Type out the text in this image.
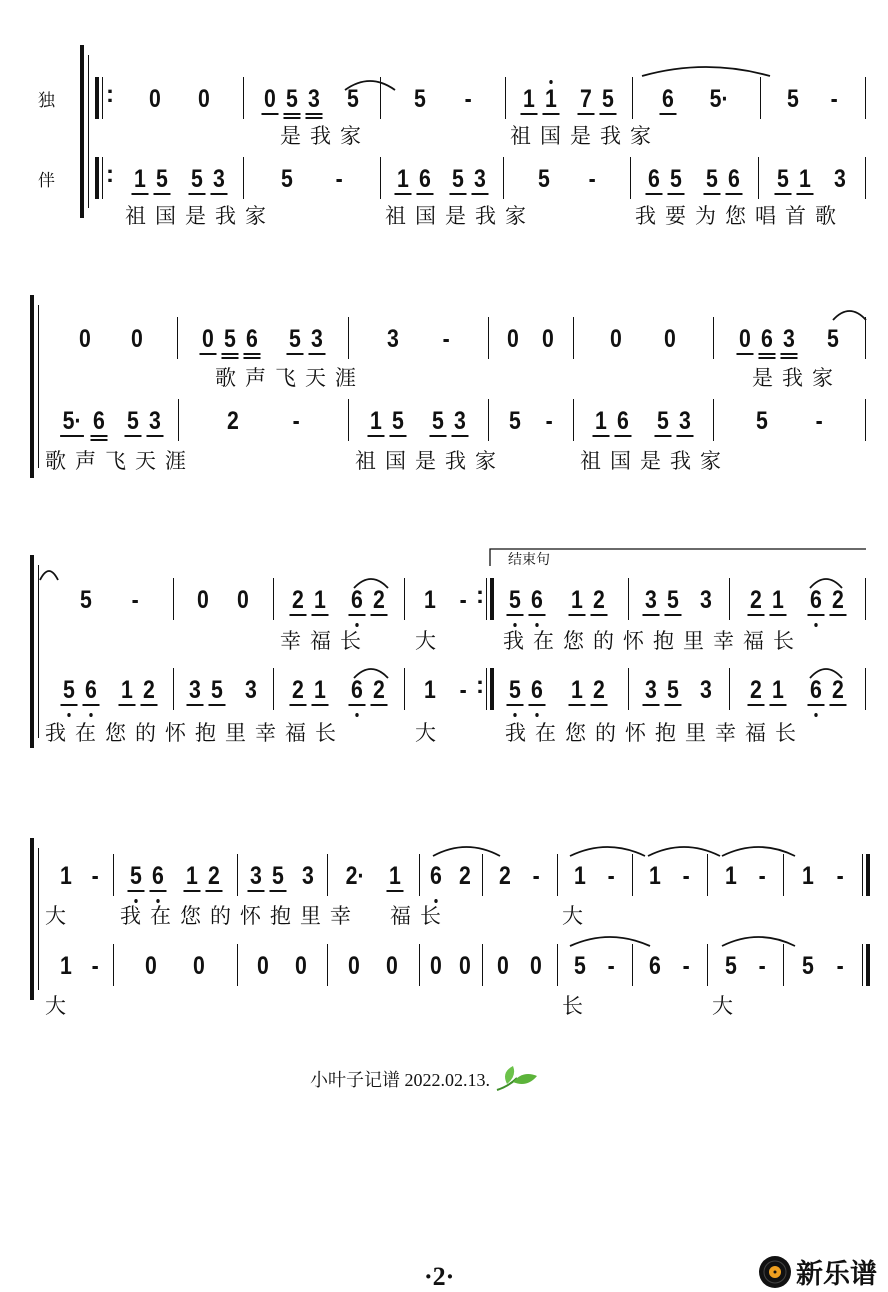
独
伴
0 0 0 5 3 5 5 - 1 1 7 5 6 5· 5 -
:
是我家	祖国是我家
1 5 5 3 5 - 1 6 5 3 5 - 6 5 5 6 5 1 3
:
祖国是我家	祖国是我家	我要为您唱首歌
0 0 0 5 6 5 3	3 - 0 0 0 0	0 6 3 5
歌声飞天涯	是我家
5· 6 5 3	2 -	1 5 5 3 5 - 1 6 5 3	5 -
歌声飞天涯	祖国是我家	祖国是我家
5 - 0 0 2 1 6 2 1 - 5 6 1 2 3 5 3 2 1 6 2
:
幸福长 大	我在您的怀抱里幸福长
5 6 1 2 3 5 3 2 1 6 2 1 - 5 6 1 2 3 5 3 2 1 6 2
:
我在您的怀抱里幸福长	大	我在您的怀抱里幸福长
1 - 5 6 1 2 3 5 3 2· 1 6 2 2 - 1 - 1 - 1 - 1 -
大 我在您的怀抱里幸 福长	大
1 - 0 0 0 0 0 0 0 0 0 0 5 - 6 - 5 - 5 -
大	长	大
结束句
小叶子记谱 2022.02.13.
·2·	新乐谱
